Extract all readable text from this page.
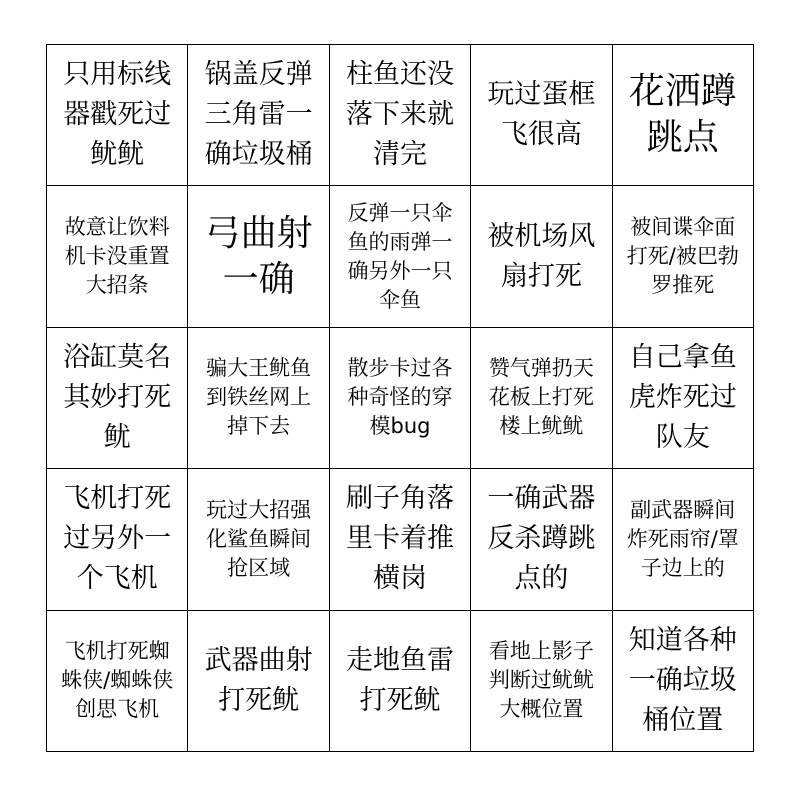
只用标线器戳死过鱿鱿
锅盖反弹三角雷一确垃圾桶
柱鱼还没落下来就清完
玩过蛋框飞很高
花洒蹲跳点
故意让饮料机卡没重置大招条
弓曲射一确
反弹一只伞鱼的雨弹一确另外一只伞鱼
被机场风扇打死
被间谍伞面打死/被巴勃罗推死
浴缸莫名其妙打死鱿
骗大王鱿鱼到铁丝网上掉下去
散步卡过各种奇怪的穿模bug
赞气弹扔天花板上打死楼上鱿鱿
自己拿鱼虎炸死过队友
飞机打死过另外一个飞机
玩过大招强化鲨鱼瞬间抢区域
刷子角落里卡着推横岗
一确武器反杀蹲跳点的
副武器瞬间炸死雨帘/罩子边上的
飞机打死蜘蛛侠/蜘蛛侠创思飞机
武器曲射打死鱿
走地鱼雷打死鱿
看地上影子判断过鱿鱿大概位置
知道各种一确垃圾桶位置
